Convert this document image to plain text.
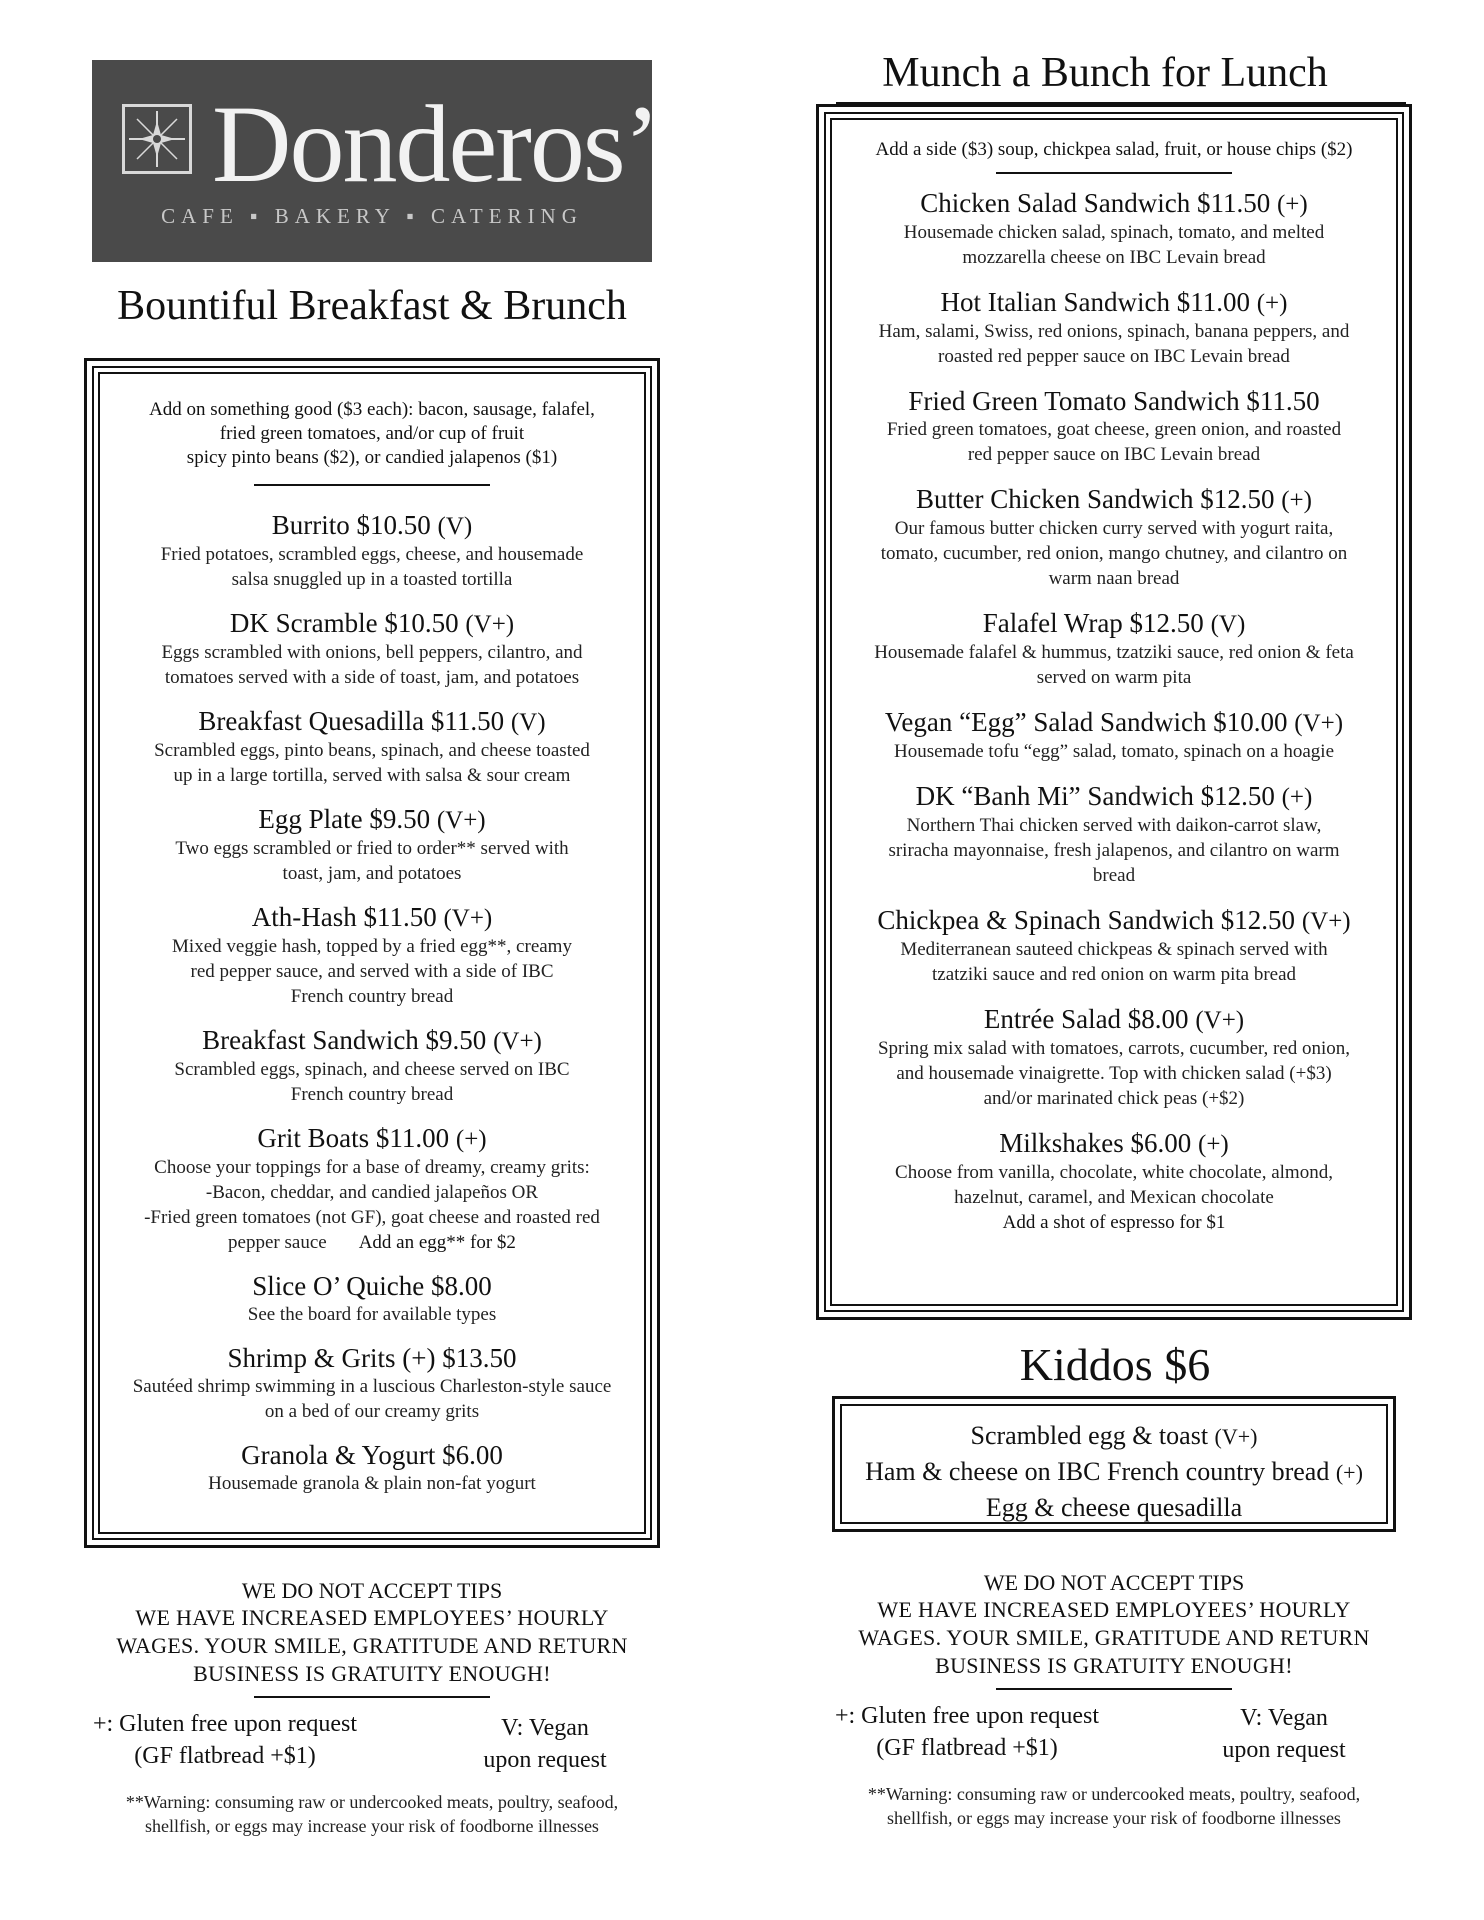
Donderos’
CAFE ▪ BAKERY ▪ CATERING
Bountiful Breakfast & Brunch
Add on something good ($3 each): bacon, sausage, falafel,
fried green tomatoes, and/or cup of fruit
spicy pinto beans ($2), or candied jalapenos ($1)
Burrito $10.50 (V)
Fried potatoes, scrambled eggs, cheese, and housemade
salsa snuggled up in a toasted tortilla
DK Scramble $10.50 (V+)
Eggs scrambled with onions, bell peppers, cilantro, and
tomatoes served with a side of toast, jam, and potatoes
Breakfast Quesadilla $11.50 (V)
Scrambled eggs, pinto beans, spinach, and cheese toasted
up in a large tortilla, served with salsa & sour cream
Egg Plate $9.50 (V+)
Two eggs scrambled or fried to order** served with
toast, jam, and potatoes
Ath-Hash $11.50 (V+)
Mixed veggie hash, topped by a fried egg**, creamy
red pepper sauce, and served with a side of IBC
French country bread
Breakfast Sandwich $9.50 (V+)
Scrambled eggs, spinach, and cheese served on IBC
French country bread
Grit Boats $11.00 (+)
Choose your toppings for a base of dreamy, creamy grits:
-Bacon, cheddar, and candied jalapeños OR
-Fried green tomatoes (not GF), goat cheese and roasted red
pepper sauce Add an egg** for $2
Slice O’ Quiche $8.00
See the board for available types
Shrimp & Grits (+) $13.50
Sautéed shrimp swimming in a luscious Charleston-style sauce
on a bed of our creamy grits
Granola & Yogurt $6.00
Housemade granola & plain non-fat yogurt
WE DO NOT ACCEPT TIPS
WE HAVE INCREASED EMPLOYEES’ HOURLY
WAGES. YOUR SMILE, GRATITUDE AND RETURN
BUSINESS IS GRATUITY ENOUGH!
+: Gluten free upon request
(GF flatbread +$1)
V: Vegan
upon request
**Warning: consuming raw or undercooked meats, poultry, seafood,
shellfish, or eggs may increase your risk of foodborne illnesses
Munch a Bunch for Lunch
Add a side ($3) soup, chickpea salad, fruit, or house chips ($2)
Chicken Salad Sandwich $11.50 (+)
Housemade chicken salad, spinach, tomato, and melted
mozzarella cheese on IBC Levain bread
Hot Italian Sandwich $11.00 (+)
Ham, salami, Swiss, red onions, spinach, banana peppers, and
roasted red pepper sauce on IBC Levain bread
Fried Green Tomato Sandwich $11.50
Fried green tomatoes, goat cheese, green onion, and roasted
red pepper sauce on IBC Levain bread
Butter Chicken Sandwich $12.50 (+)
Our famous butter chicken curry served with yogurt raita,
tomato, cucumber, red onion, mango chutney, and cilantro on
warm naan bread
Falafel Wrap $12.50 (V)
Housemade falafel & hummus, tzatziki sauce, red onion & feta
served on warm pita
Vegan “Egg” Salad Sandwich $10.00 (V+)
Housemade tofu “egg” salad, tomato, spinach on a hoagie
DK “Banh Mi” Sandwich $12.50 (+)
Northern Thai chicken served with daikon-carrot slaw,
sriracha mayonnaise, fresh jalapenos, and cilantro on warm
bread
Chickpea & Spinach Sandwich $12.50 (V+)
Mediterranean sauteed chickpeas & spinach served with
tzatziki sauce and red onion on warm pita bread
Entrée Salad $8.00 (V+)
Spring mix salad with tomatoes, carrots, cucumber, red onion,
and housemade vinaigrette. Top with chicken salad (+$3)
and/or marinated chick peas (+$2)
Milkshakes $6.00 (+)
Choose from vanilla, chocolate, white chocolate, almond,
hazelnut, caramel, and Mexican chocolate
Add a shot of espresso for $1
Kiddos $6
Scrambled egg & toast (V+)
Ham & cheese on IBC French country bread (+)
Egg & cheese quesadilla
WE DO NOT ACCEPT TIPS
WE HAVE INCREASED EMPLOYEES’ HOURLY
WAGES. YOUR SMILE, GRATITUDE AND RETURN
BUSINESS IS GRATUITY ENOUGH!
+: Gluten free upon request
(GF flatbread +$1)
V: Vegan
upon request
**Warning: consuming raw or undercooked meats, poultry, seafood,
shellfish, or eggs may increase your risk of foodborne illnesses
